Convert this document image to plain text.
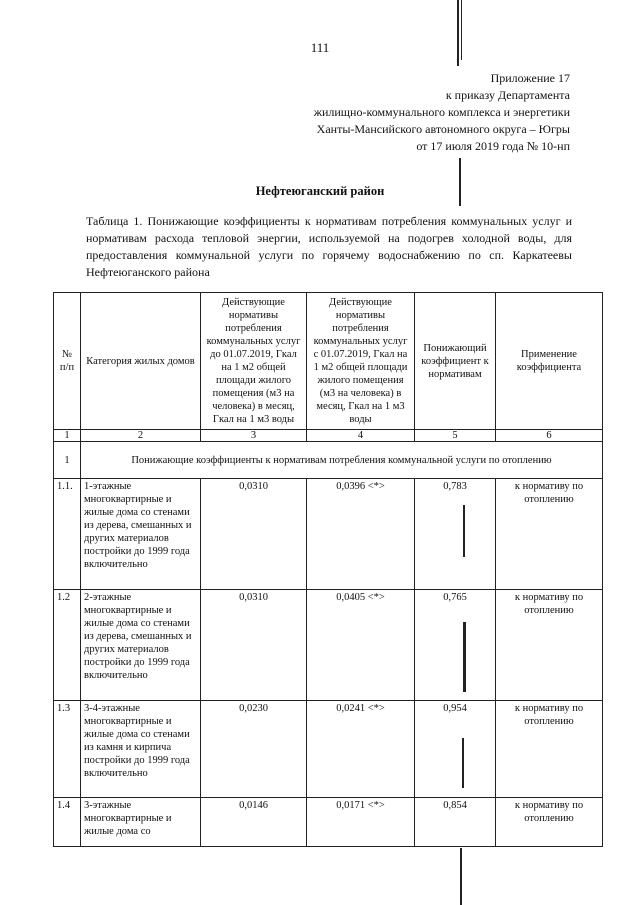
111
Приложение 17
к приказу Департамента
жилищно-коммунального комплекса и энергетики
Ханты-Мансийского автономного округа – Югры
от 17 июля 2019 года № 10-нп
Нефтеюганский район
Таблица 1. Понижающие коэффициенты к нормативам потребления коммунальных услуг и нормативам расхода тепловой энергии, используемой на подогрев холодной воды, для предоставления коммунальной услуги по горячему водоснабжению по сп. Каркатеевы Нефтеюганского района
№ п/п	Категория жилых домов	Действующие нормативы потребления коммунальных услуг до 01.07.2019, Гкал на 1 м2 общей площади жилого помещения (м3 на человека) в месяц, Гкал на 1 м3 воды	Действующие нормативы потребления коммунальных услуг с 01.07.2019, Гкал на 1 м2 общей площади жилого помещения (м3 на человека) в месяц, Гкал на 1 м3 воды	Понижающий коэффициент к нормативам	Применение коэффициента
1	2	3	4	5	6
1	Понижающие коэффициенты к нормативам потребления коммунальной услуги по отоплению				
1.1.	1-этажные многоквартирные и жилые дома со стенами из дерева, смешанных и других материалов постройки до 1999 года включительно	0,0310	0,0396 <*>	0,783	к нормативу по отоплению
1.2	2-этажные многоквартирные и жилые дома со стенами из дерева, смешанных и других материалов постройки до 1999 года включительно	0,0310	0,0405 <*>	0,765	к нормативу по отоплению
1.3	3-4-этажные многоквартирные и жилые дома со стенами из камня и кирпича постройки до 1999 года включительно	0,0230	0,0241 <*>	0,954	к нормативу по отоплению
1.4	3-этажные многоквартирные и жилые дома со	0,0146	0,0171 <*>	0,854	к нормативу по отоплению
